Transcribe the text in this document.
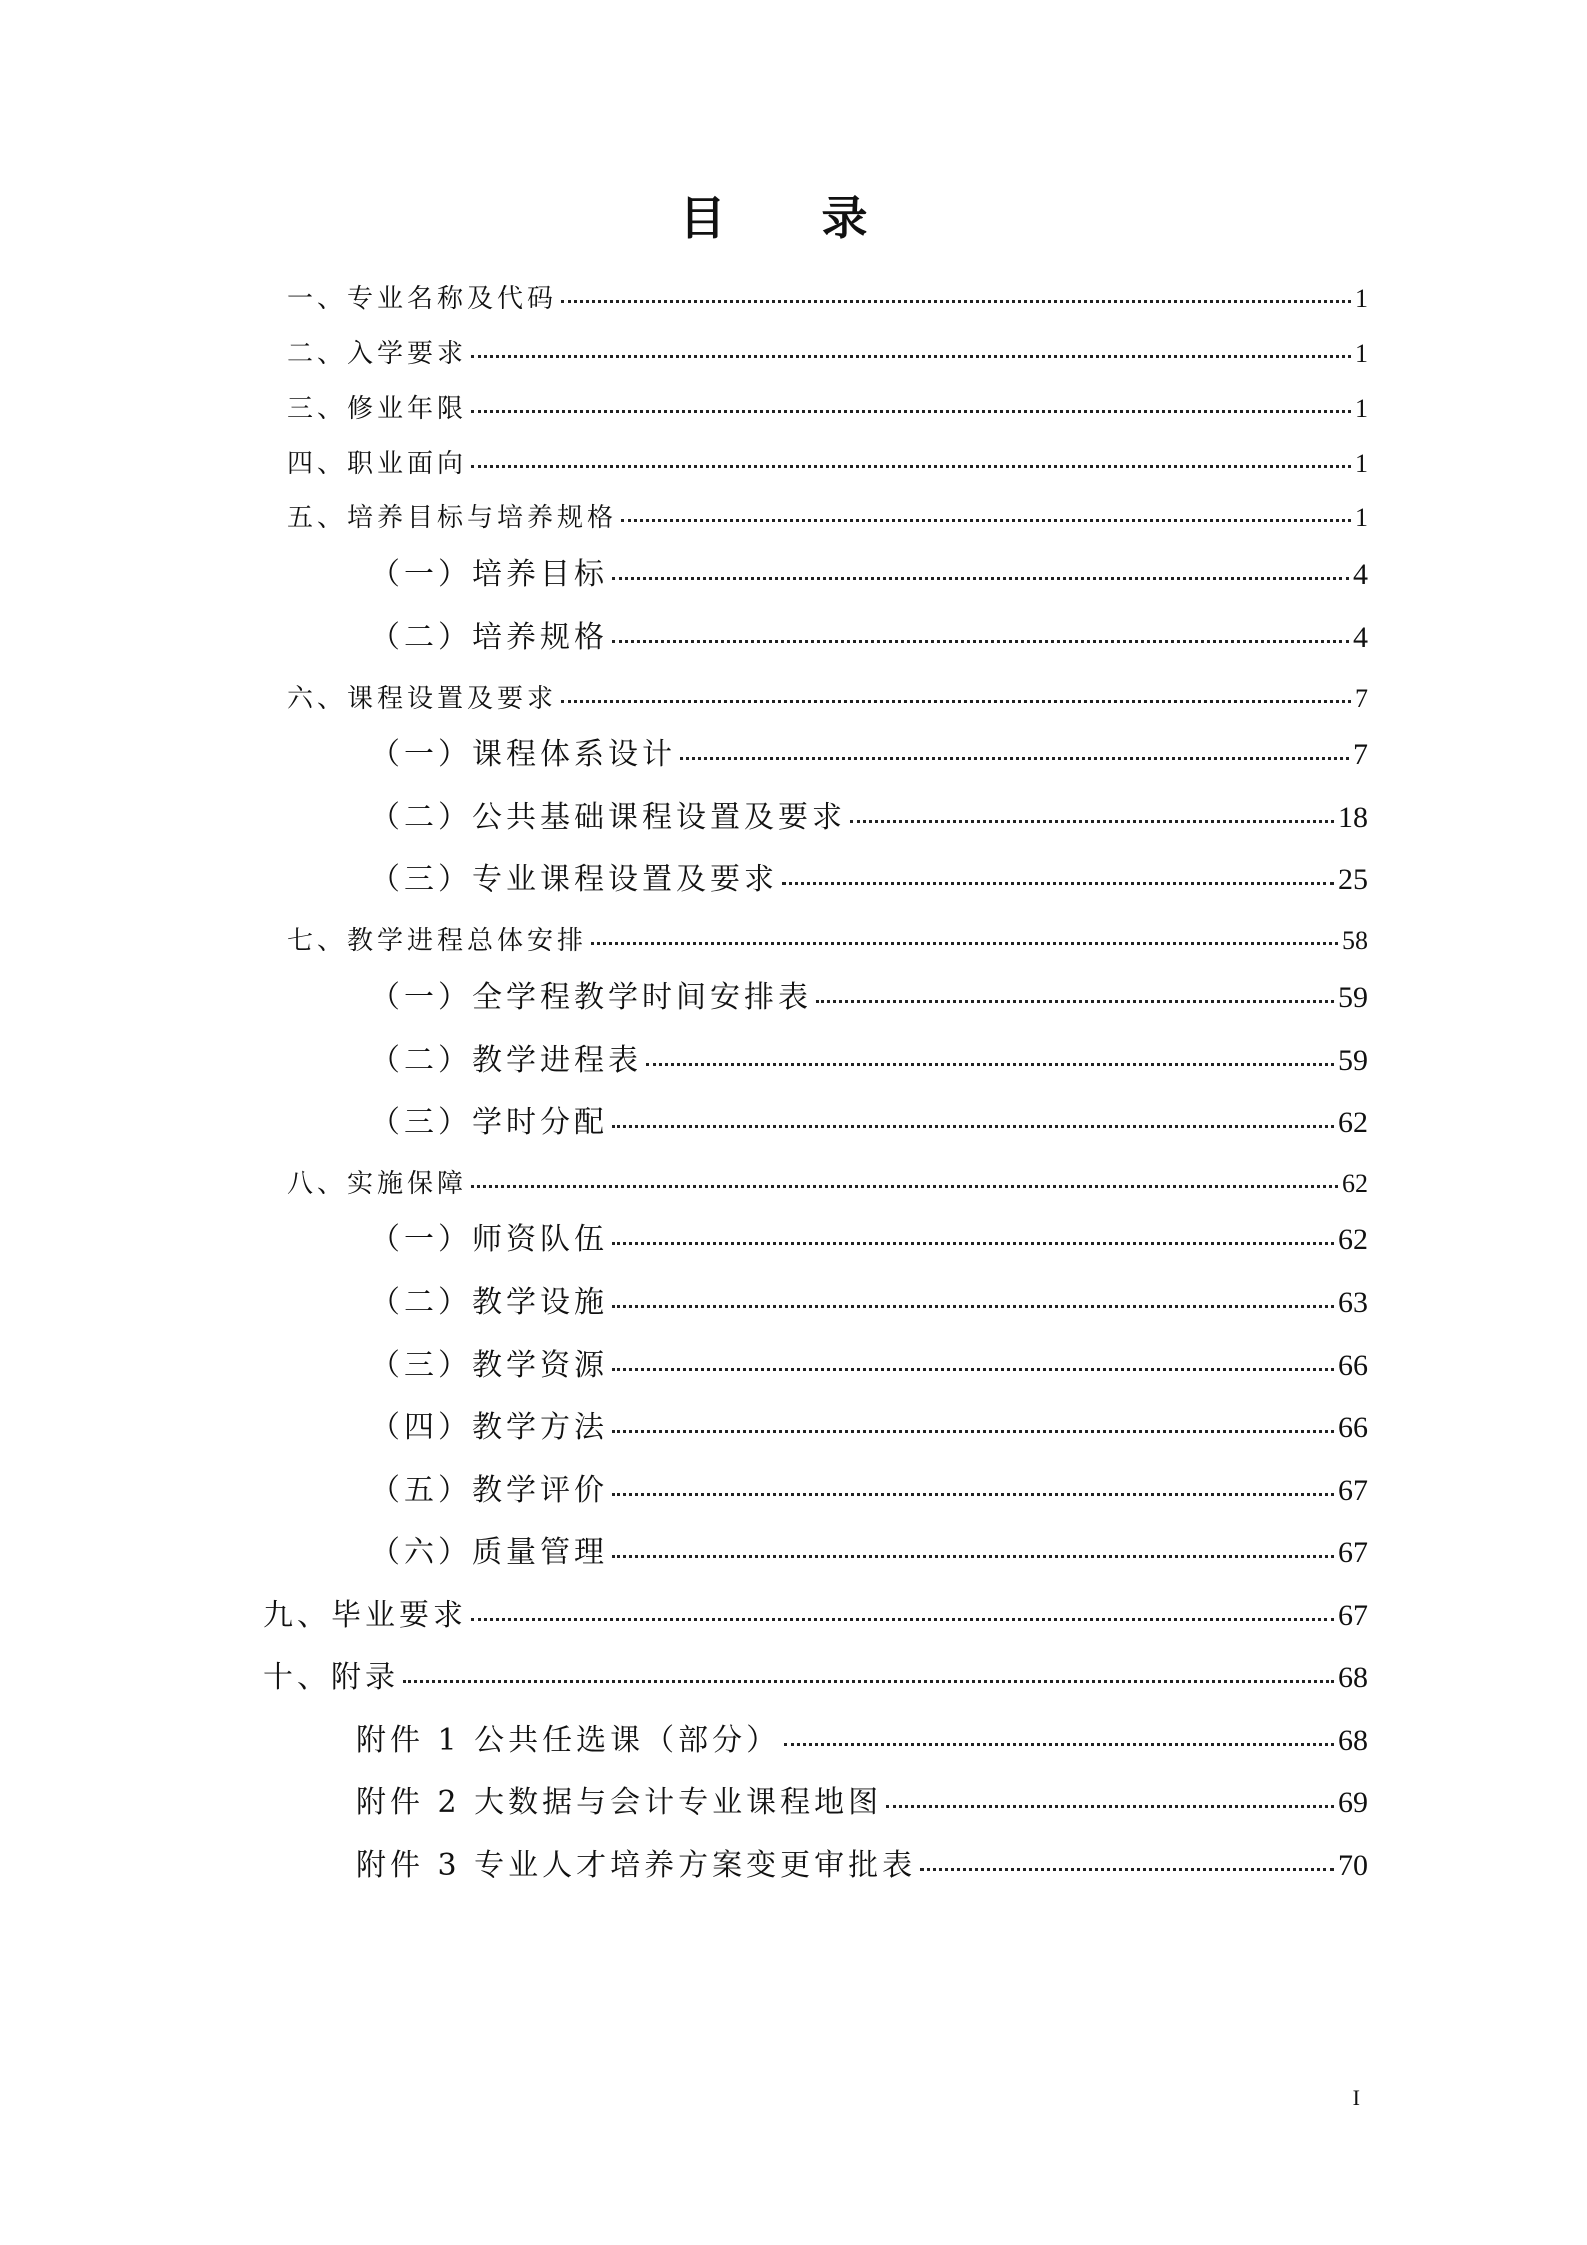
目 录
一、专业名称及代码	1
二、入学要求	1
三、修业年限	1
四、职业面向	1
五、培养目标与培养规格	1
（一）培养目标	4
（二）培养规格	4
六、课程设置及要求	7
（一）课程体系设计	7
（二）公共基础课程设置及要求	18
（三）专业课程设置及要求	25
七、教学进程总体安排	58
（一）全学程教学时间安排表	59
（二）教学进程表	59
（三）学时分配	62
八、实施保障	62
（一）师资队伍	62
（二）教学设施	63
（三）教学资源	66
（四）教学方法	66
（五）教学评价	67
（六）质量管理	67
九、毕业要求	67
十、附录	68
附件 1 公共任选课（部分）	68
附件 2 大数据与会计专业课程地图	69
附件 3 专业人才培养方案变更审批表	70
I
